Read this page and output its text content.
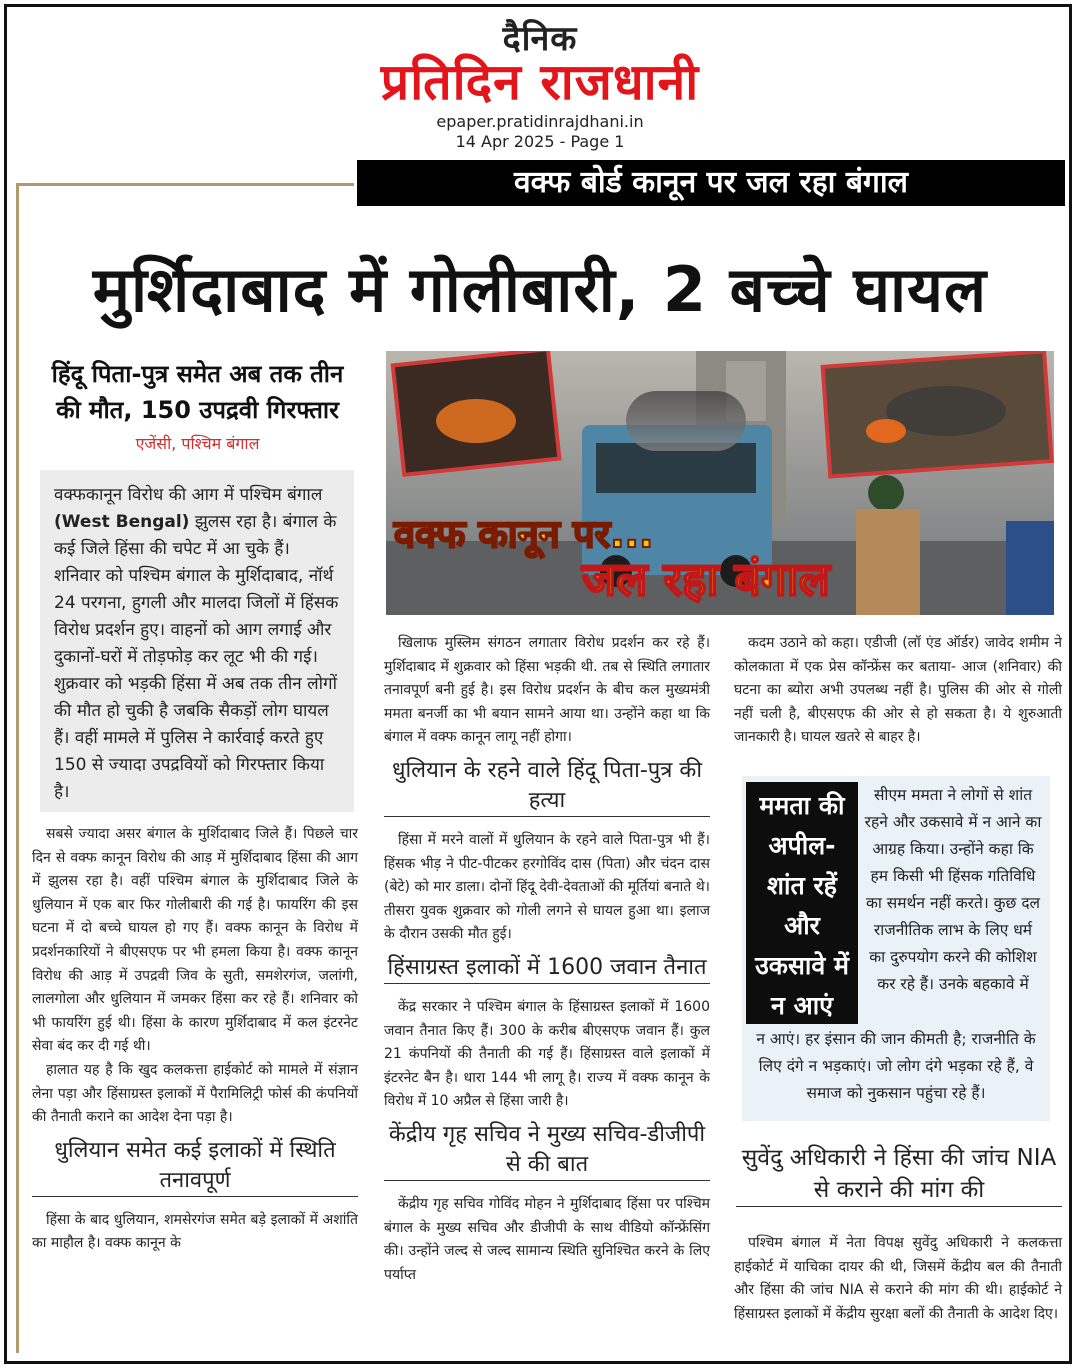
दैनिक
प्रतिदिन राजधानी
epaper.pratidinrajdhani.in
14 Apr 2025 - Page 1
वक्फ बोर्ड कानून पर जल रहा बंगाल
मुर्शिदाबाद में गोलीबारी, 2 बच्चे घायल
हिंदू पिता-पुत्र समेत अब तक तीन
की मौत, 150 उपद्रवी गिरफ्तार
एजेंसी, पश्चिम बंगाल
वक्फकानून विरोध की आग में पश्चिम बंगाल (West Bengal) झुलस रहा है। बंगाल के कई जिले हिंसा की चपेट में आ चुके हैं। शनिवार को पश्चिम बंगाल के मुर्शिदाबाद, नॉर्थ 24 परगना, हुगली और मालदा जिलों में हिंसक विरोध प्रदर्शन हुए। वाहनों को आग लगाई और दुकानों-घरों में तोड़फोड़ कर लूट भी की गई। शुक्रवार को भड़की हिंसा में अब तक तीन लोगों की मौत हो चुकी है जबकि सैकड़ों लोग घायल हैं। वहीं मामले में पुलिस ने कार्रवाई करते हुए 150 से ज्यादा उपद्रवियों को गिरफ्तार किया है।
वक्फ कानून पर...
जल रहा बंगाल

सबसे ज्यादा असर बंगाल के मुर्शिदाबाद जिले हैं। पिछले चार दिन से वक्फ कानून विरोध की आड़ में मुर्शिदाबाद हिंसा की आग में झुलस रहा है। वहीं पश्चिम बंगाल के मुर्शिदाबाद जिले के धुलियान में एक बार फिर गोलीबारी की गई है। फायरिंग की इस घटना में दो बच्चे घायल हो गए हैं। वक्फ कानून के विरोध में प्रदर्शनकारियों ने बीएसएफ पर भी हमला किया है। वक्फ कानून विरोध की आड़ में उपद्रवी जिव के सुती, समशेरगंज, जलांगी, लालगोला और धुलियान में जमकर हिंसा कर रहे हैं। शनिवार को भी फायरिंग हुई थी। हिंसा के कारण मुर्शिदाबाद में कल इंटरनेट सेवा बंद कर दी गई थी।

हालात यह है कि खुद कलकत्ता हाईकोर्ट को मामले में संज्ञान लेना पड़ा और हिंसाग्रस्त इलाकों में पैरामिलिट्री फोर्स की कंपनियों की तैनाती कराने का आदेश देना पड़ा है।

धुलियान समेत कई इलाकों में स्थिति तनावपूर्ण

हिंसा के बाद धुलियान, शमसेरगंज समेत बड़े इलाकों में अशांति का माहौल है। वक्फ कानून के

खिलाफ मुस्लिम संगठन लगातार विरोध प्रदर्शन कर रहे हैं। मुर्शिदाबाद में शुक्रवार को हिंसा भड़की थी. तब से स्थिति लगातार तनावपूर्ण बनी हुई है। इस विरोध प्रदर्शन के बीच कल मुख्यमंत्री ममता बनर्जी का भी बयान सामने आया था। उन्होंने कहा था कि बंगाल में वक्फ कानून लागू नहीं होगा।

धुलियान के रहने वाले हिंदू पिता-पुत्र की हत्या

हिंसा में मरने वालों में धुलियान के रहने वाले पिता-पुत्र भी हैं। हिंसक भीड़ ने पीट-पीटकर हरगोविंद दास (पिता) और चंदन दास (बेटे) को मार डाला। दोनों हिंदू देवी-देवताओं की मूर्तियां बनाते थे। तीसरा युवक शुक्रवार को गोली लगने से घायल हुआ था। इलाज के दौरान उसकी मौत हुई।

हिंसाग्रस्त इलाकों में 1600 जवान तैनात

केंद्र सरकार ने पश्चिम बंगाल के हिंसाग्रस्त इलाकों में 1600 जवान तैनात किए हैं। 300 के करीब बीएसएफ जवान हैं। कुल 21 कंपनियों की तैनाती की गई हैं। हिंसाग्रस्त वाले इलाकों में इंटरनेट बैन है। धारा 144 भी लागू है। राज्य में वक्फ कानून के विरोध में 10 अप्रैल से हिंसा जारी है।

केंद्रीय गृह सचिव ने मुख्य सचिव-डीजीपी से की बात

केंद्रीय गृह सचिव गोविंद मोहन ने मुर्शिदाबाद हिंसा पर पश्चिम बंगाल के मुख्य सचिव और डीजीपी के साथ वीडियो कॉन्फ्रेंसिंग की। उन्होंने जल्द से जल्द सामान्य स्थिति सुनिश्चित करने के लिए पर्याप्त

कदम उठाने को कहा। एडीजी (लॉ एंड ऑर्डर) जावेद शमीम ने कोलकाता में एक प्रेस कॉन्फ्रेंस कर बताया- आज (शनिवार) की घटना का ब्योरा अभी उपलब्ध नहीं है। पुलिस की ओर से गोली नहीं चली है, बीएसएफ की ओर से हो सकता है। ये शुरुआती जानकारी है। घायल खतरे से बाहर है।

ममता की अपील- शांत रहें और उकसावे में न आएं
सीएम ममता ने लोगों से शांत रहने और उकसावे में न आने का आग्रह किया। उन्होंने कहा कि हम किसी भी हिंसक गतिविधि का समर्थन नहीं करते। कुछ दल राजनीतिक लाभ के लिए धर्म का दुरुपयोग करने की कोशिश कर रहे हैं। उनके बहकावे में
न आएं। हर इंसान की जान कीमती है; राजनीति के लिए दंगे न भड़काएं। जो लोग दंगे भड़का रहे हैं, वे समाज को नुकसान पहुंचा रहे हैं।
सुवेंदु अधिकारी ने हिंसा की जांच NIA से कराने की मांग की

पश्चिम बंगाल में नेता विपक्ष सुवेंदु अधिकारी ने कलकत्ता हाईकोर्ट में याचिका दायर की थी, जिसमें केंद्रीय बल की तैनाती और हिंसा की जांच NIA से कराने की मांग की थी। हाईकोर्ट ने हिंसाग्रस्त इलाकों में केंद्रीय सुरक्षा बलों की तैनाती के आदेश दिए।
